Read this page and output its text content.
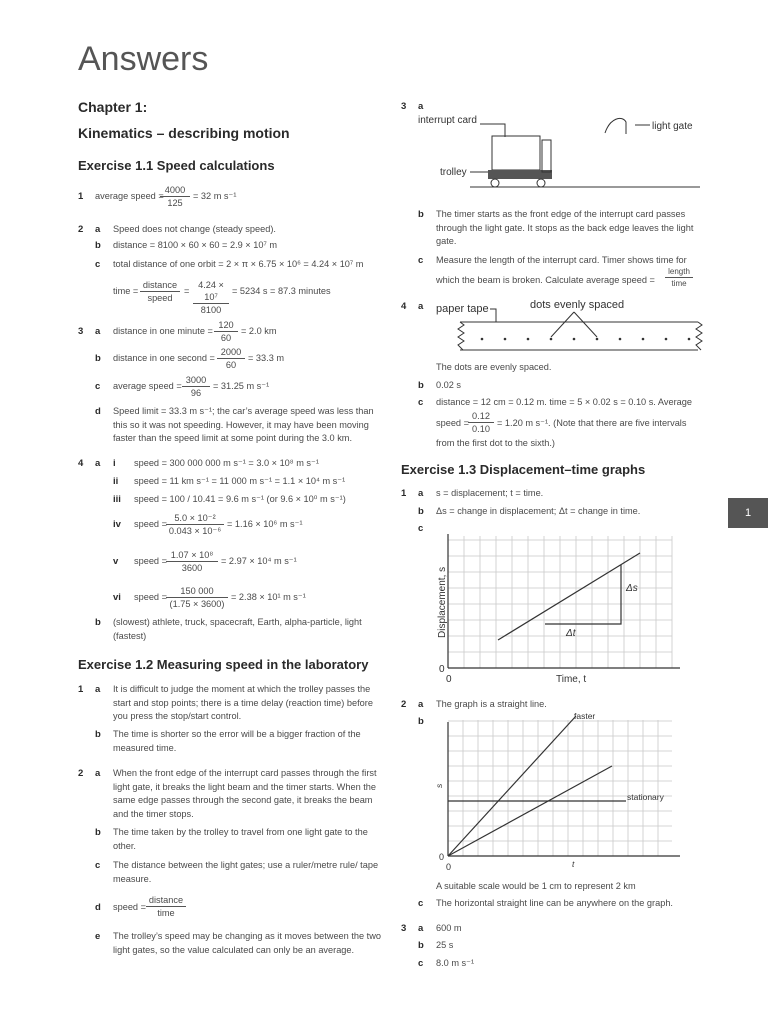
Answers
Chapter 1:
Kinematics – describing motion
Exercise 1.1 Speed calculations
1 average speed =
$\frac{4000}{125} = 32$ m s⁻¹
2 a Speed does not change (steady speed).
b distance = 8100 × 60 × 60 = 2.9 × 10⁷ m
c total distance of one orbit = 2 × π × 6.75 × 10⁶ = 4.24 × 10⁷ m
time =
distance
speed
= $\frac{\text{4.24 × 10⁷}}{8100} = 5234$ s = 87.3 minutes
3 a distance in one minute = $\frac{120}{60} = 2.0$ km
b distance in one second = $\frac{2000}{60} = 33.3$ m
c average speed = $\frac{3000}{96} = 31.25$ m s⁻¹
d Speed limit = 33.3 m s⁻¹; the car’s average speed was less than this so it was not speeding. However, it may have been moving faster than the speed limit at some point during the 3.0 km.
4 a i speed = 300 000 000 m s⁻¹ = 3.0 × 10⁸ m s⁻¹
ii speed = 11 km s⁻¹ = 11 000 m s⁻¹ = 1.1 × 10⁴ m s⁻¹
iii speed = 100 / 10.41 = 9.6 m s⁻¹ (or 9.6 × 10⁰ m s⁻¹)
iv speed = $\frac{\text{5.0 × 10⁻²}}{\text{0.043 × 10⁻⁶}} = 1.16 \times 10^6$ m s⁻¹
v speed = $\frac{\text{1.07 × 10⁸}}{3600} = 2.97 \times 10^4$ m s⁻¹
vi speed = $\frac{150 000}{(1.75 \times 3600)} = 2.38 \times 10^1$ m s⁻¹
b (slowest) athlete, truck, spacecraft, Earth, alpha-particle, light (fastest)
Exercise 1.2 Measuring speed in the laboratory
1 a It is difficult to judge the moment at which the trolley passes the start and stop points; there is a time delay (reaction time) before you press the stop/start control.
b The time is shorter so the error will be a bigger fraction of the measured time.
2 a When the front edge of the interrupt card passes through the first light gate, it breaks the light beam and the timer starts. When the same edge passes through the second gate, it breaks the beam and the timer stops.
b The time taken by the trolley to travel from one light gate to the other.
c The distance between the light gates; use a ruler/metre rule/ tape measure.
d speed =
distance
time
e The trolley’s speed may be changing as it moves between the two light gates, so the value calculated can only be an average.
3 a
interrupt card
light gate
trolley
b The timer starts as the front edge of the interrupt card passes through the light gate. It stops as the back edge leaves the light gate.
c Measure the length of the interrupt card. Timer shows time for
which the beam is broken. Calculate average speed =
length
time
4 a paper tape	dots evenly spaced
The dots are evenly spaced.
b 0.02 s
c distance = 12 cm = 0.12 m. time = 5 × 0.02 s = 0.10 s. Average
speed = $\frac{0.12}{0.10} = 1.20$ m s⁻¹. (Note that there are five intervals
from the first dot to the sixth.)
Exercise 1.3 Displacement–time graphs
1 a s = displacement; t = time.
b Δs = change in displacement; Δt = change in time.
c
Δs
Δt
0
0	Time, t
Displacement, s
2 a The graph is a straight line.
b	faster
stationary
0
0	t
s
A suitable scale would be 1 cm to represent 2 km
c The horizontal straight line can be anywhere on the graph.
3 a 600 m
b 25 s
c 8.0 m s⁻¹
1
